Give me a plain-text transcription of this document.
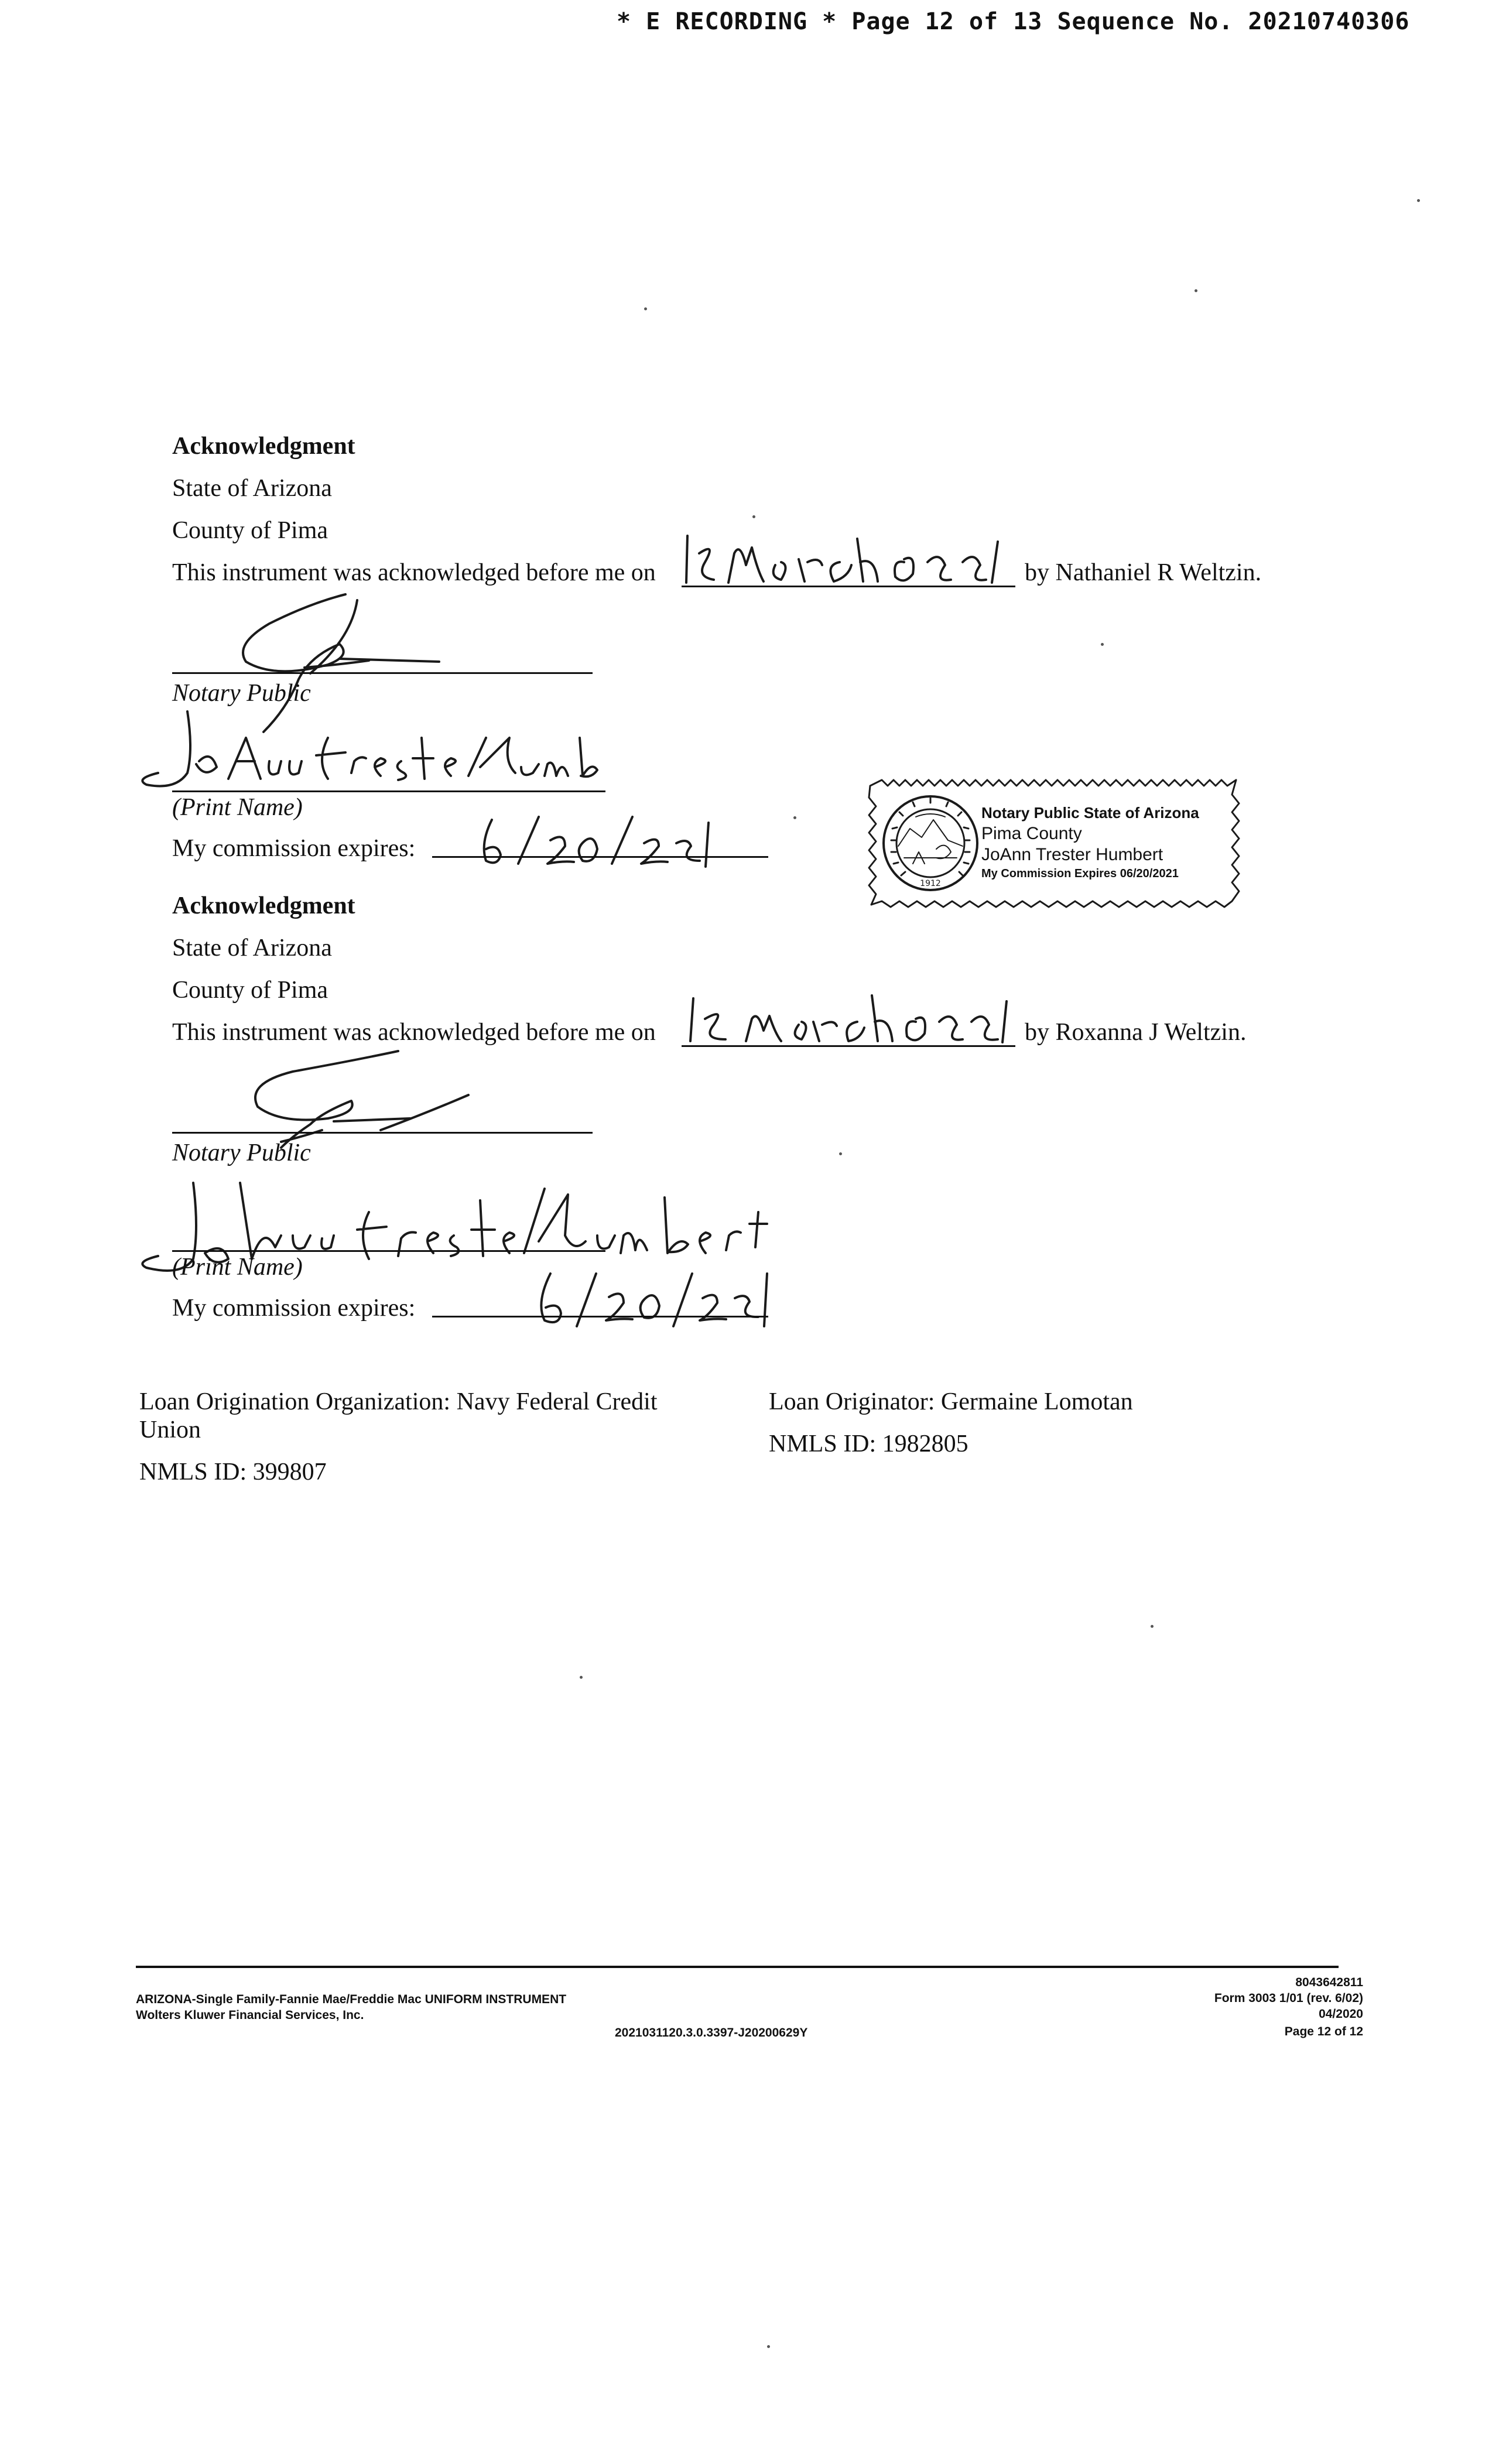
* E RECORDING * Page 12 of 13 Sequence No. 20210740306
Acknowledgment
State of Arizona
County of Pima
This instrument was acknowledged before me on	by Nathaniel R Weltzin.
Notary Public
(Print Name)
My commission expires:
1912
Notary Public State of Arizona
Pima County
JoAnn Trester Humbert
My Commission Expires 06/20/2021
Acknowledgment
State of Arizona
County of Pima
This instrument was acknowledged before me on	by Roxanna J Weltzin.
Notary Public
(Print Name)
My commission expires:
Loan Origination Organization: Navy Federal Credit
Union
NMLS ID: 399807
Loan Originator: Germaine Lomotan
NMLS ID: 1982805
ARIZONA-Single Family-Fannie Mae/Freddie Mac UNIFORM INSTRUMENT
Wolters Kluwer Financial Services, Inc.
2021031120.3.0.3397-J20200629Y
8043642811
Form 3003 1/01 (rev. 6/02)
04/2020
Page 12 of 12
